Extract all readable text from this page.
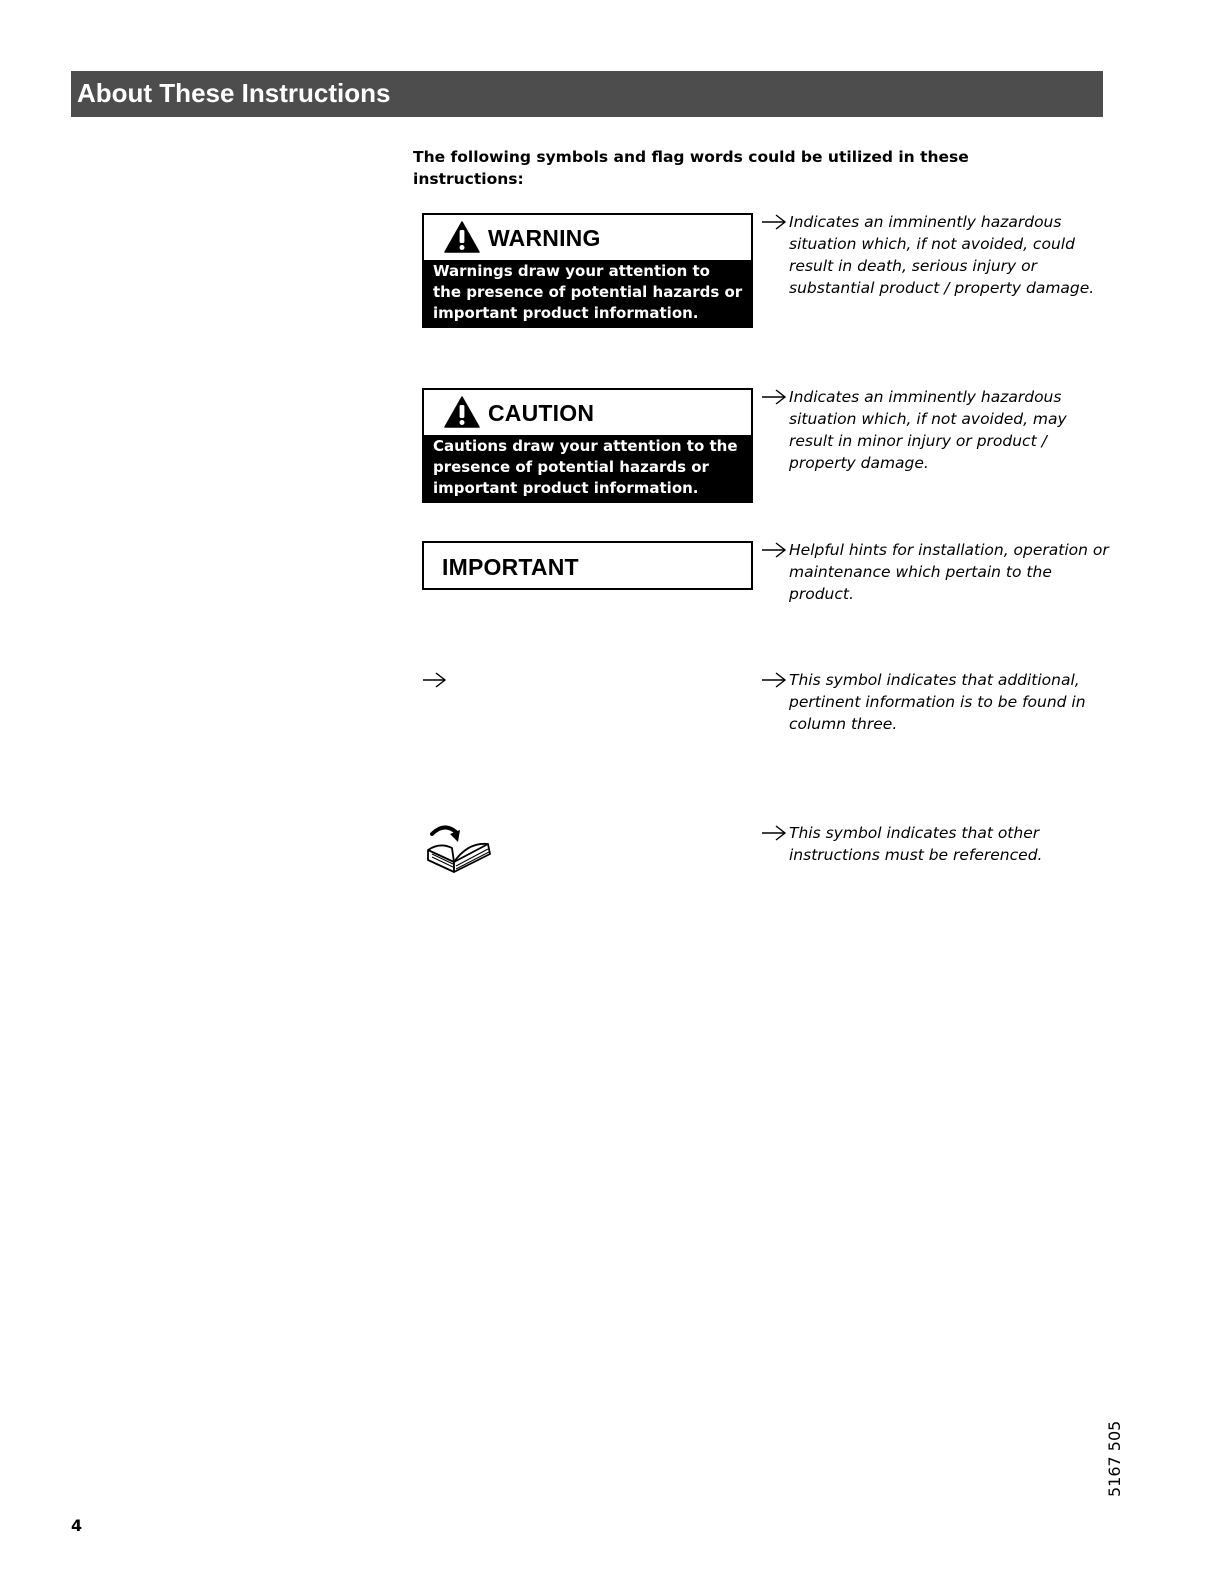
About These Instructions
The following symbols and flag words could be utilized in these instructions:
WARNING
Warnings draw your attention to the presence of potential hazards or important product information.
Indicates an imminently hazardous situation which, if not avoided, could result in death, serious injury or substantial product / property damage.
CAUTION
Cautions draw your attention to the presence of potential hazards or important product information.
Indicates an imminently hazardous situation which, if not avoided, may result in minor injury or product / property damage.
IMPORTANT
Helpful hints for installation, operation or maintenance which pertain to the product.
This symbol indicates that additional, pertinent information is to be found in column three.
This symbol indicates that other instructions must be referenced.
5167 505
4
